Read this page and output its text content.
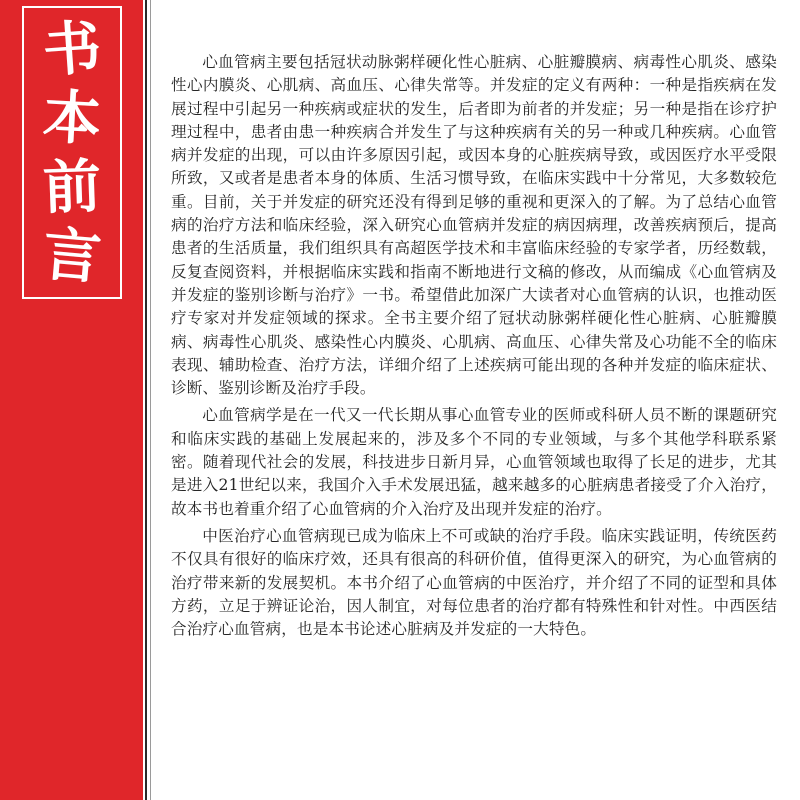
书
本
前
言

心血管病主要包括冠状动脉粥样硬化性心脏病、心脏瓣膜病、病毒性心肌炎、感染性心内膜炎、心肌病、高血压、心律失常等。并发症的定义有两种：一种是指疾病在发展过程中引起另一种疾病或症状的发生，后者即为前者的并发症；另一种是指在诊疗护理过程中，患者由患一种疾病合并发生了与这种疾病有关的另一种或几种疾病。心血管病并发症的出现，可以由许多原因引起，或因本身的心脏疾病导致，或因医疗水平受限所致，又或者是患者本身的体质、生活习惯导致，在临床实践中十分常见，大多数较危重。目前，关于并发症的研究还没有得到足够的重视和更深入的了解。为了总结心血管病的治疗方法和临床经验，深入研究心血管病并发症的病因病理，改善疾病预后，提高患者的生活质量，我们组织具有高超医学技术和丰富临床经验的专家学者，历经数载，反复查阅资料，并根据临床实践和指南不断地进行文稿的修改，从而编成《心血管病及并发症的鉴别诊断与治疗》一书。希望借此加深广大读者对心血管病的认识，也推动医疗专家对并发症领域的探求。全书主要介绍了冠状动脉粥样硬化性心脏病、心脏瓣膜病、病毒性心肌炎、感染性心内膜炎、心肌病、高血压、心律失常及心功能不全的临床表现、辅助检查、治疗方法，详细介绍了上述疾病可能出现的各种并发症的临床症状、诊断、鉴别诊断及治疗手段。

心血管病学是在一代又一代长期从事心血管专业的医师或科研人员不断的课题研究和临床实践的基础上发展起来的，涉及多个不同的专业领域，与多个其他学科联系紧密。随着现代社会的发展，科技进步日新月异，心血管领域也取得了长足的进步，尤其是进入21世纪以来，我国介入手术发展迅猛，越来越多的心脏病患者接受了介入治疗，故本书也着重介绍了心血管病的介入治疗及出现并发症的治疗。

中医治疗心血管病现已成为临床上不可或缺的治疗手段。临床实践证明，传统医药不仅具有很好的临床疗效，还具有很高的科研价值，值得更深入的研究，为心血管病的治疗带来新的发展契机。本书介绍了心血管病的中医治疗，并介绍了不同的证型和具体方药，立足于辨证论治，因人制宜，对每位患者的治疗都有特殊性和针对性。中西医结合治疗心血管病，也是本书论述心脏病及并发症的一大特色。
